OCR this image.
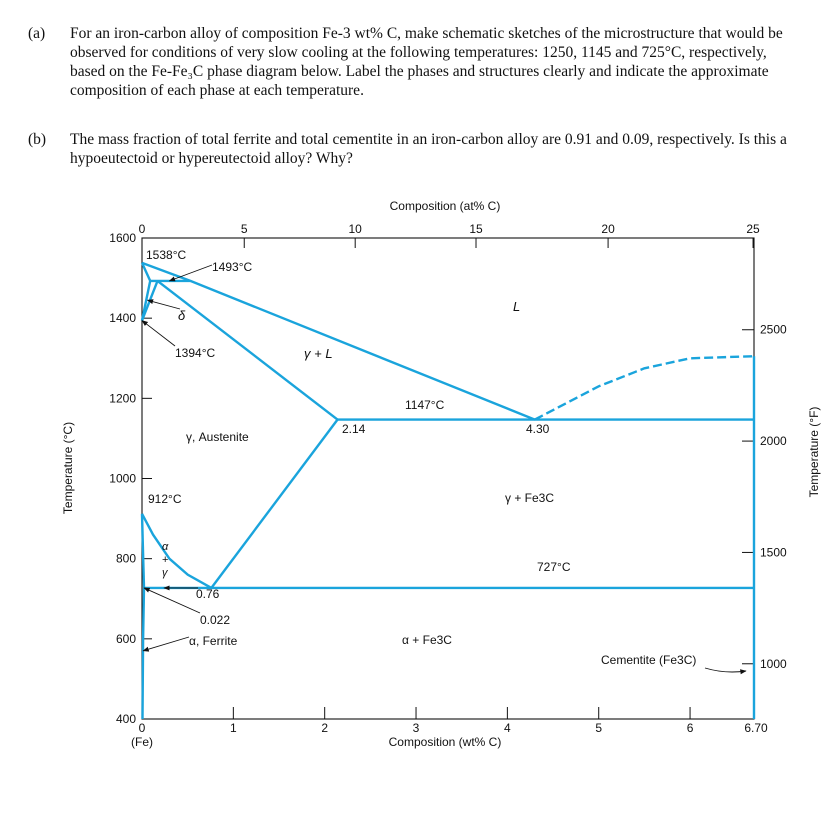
(a)	For an iron-carbon alloy of composition Fe-3 wt% C, make schematic sketches of the microstructure that would be observed for conditions of very slow cooling at the following temperatures: 1250, 1145 and 725°C, respectively, based on the Fe-Fe₃C phase diagram below. Label the phases and structures clearly and indicate the approximate composition of each phase at each temperature.
(b)	The mass fraction of total ferrite and total cementite in an iron-carbon alloy are 0.91 and 0.09, respectively. Is this a hypoeutectoid or hypereutectoid alloy? Why?
400
600
800
1000
1200
1400
1600
1000
1500
2000
2500
0	1	2	3	4	5	6	6.70
0	5	10	15	20	25
Composition (at% C)
Composition (wt% C)
(Fe)
Temperature (°C)	Temperature (°F)
1538°C
1493°C
1394°C
1147°C
912°C
727°C
2.14	4.30
0.76
0.022
L
δ
γ + L
γ, Austenite
γ + Fe3C
α
+
γ
α, Ferrite	α + Fe3C
Cementite (Fe3C)
